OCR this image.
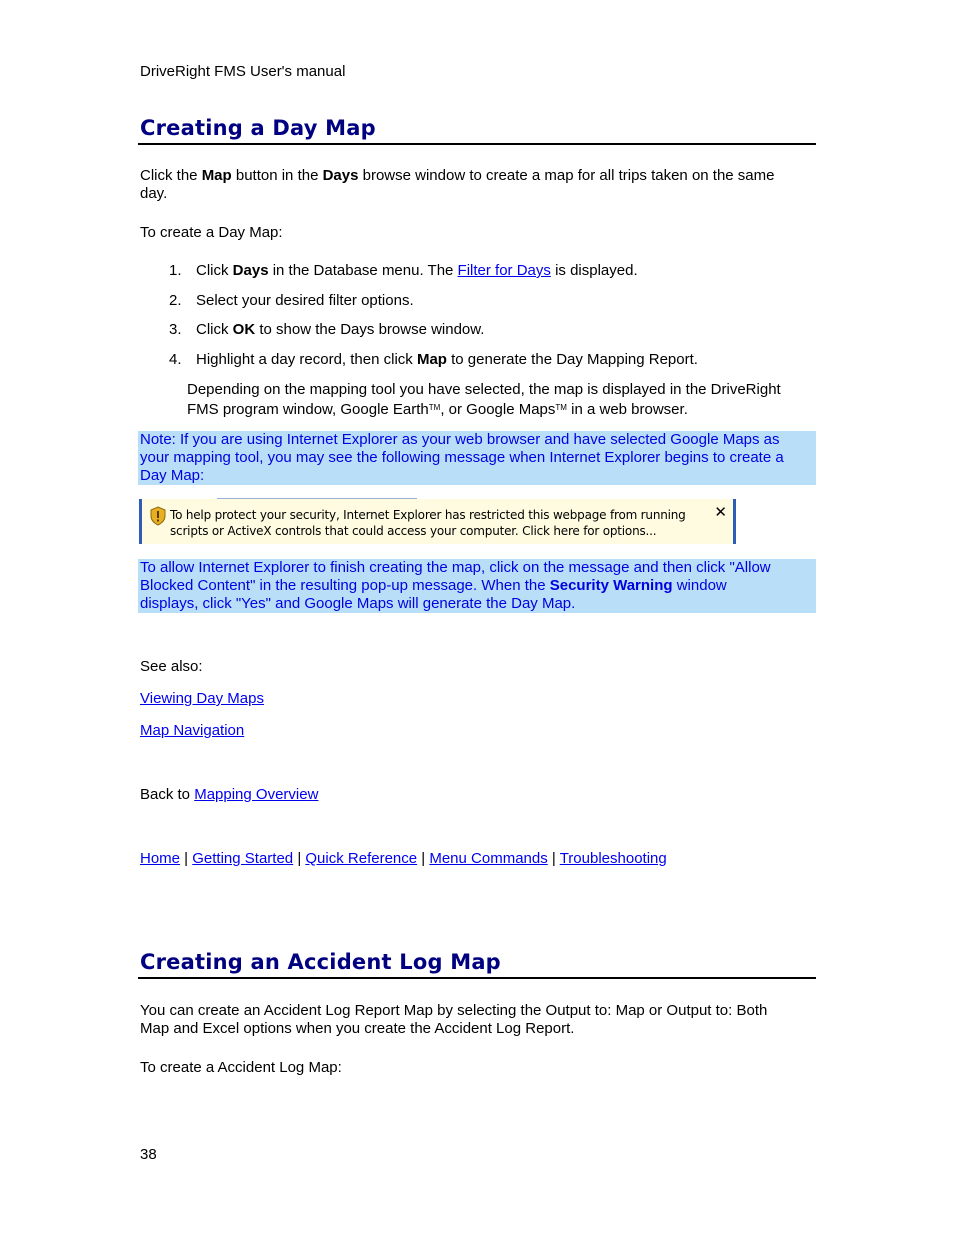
DriveRight FMS User's manual
Creating a Day Map

Click the Map button in the Days browse window to create a map for all trips taken on the same
day.

To create a Day Map:

1. Click Days in the Database menu. The Filter for Days is displayed.
2. Select your desired filter options.
3. Click OK to show the Days browse window.
4. Highlight a day record, then click Map to generate the Day Mapping Report.

Depending on the mapping tool you have selected, the map is displayed in the DriveRight
FMS program window, Google Earth™, or Google Maps™ in a web browser.

Note: If you are using Internet Explorer as your web browser and have selected Google Maps as
your mapping tool, you may see the following message when Internet Explorer begins to create a
Day Map:
To help protect your security, Internet Explorer has restricted this webpage from running
scripts or ActiveX controls that could access your computer. Click here for options...
✕
To allow Internet Explorer to finish creating the map, click on the message and then click "Allow
Blocked Content" in the resulting pop-up message. When the Security Warning window
displays, click "Yes" and Google Maps will generate the Day Map.

See also:

Viewing Day Maps

Map Navigation

Back to Mapping Overview

Home | Getting Started | Quick Reference | Menu Commands | Troubleshooting
Creating an Accident Log Map

You can create an Accident Log Report Map by selecting the Output to: Map or Output to: Both
Map and Excel options when you create the Accident Log Report.

To create a Accident Log Map:

38
